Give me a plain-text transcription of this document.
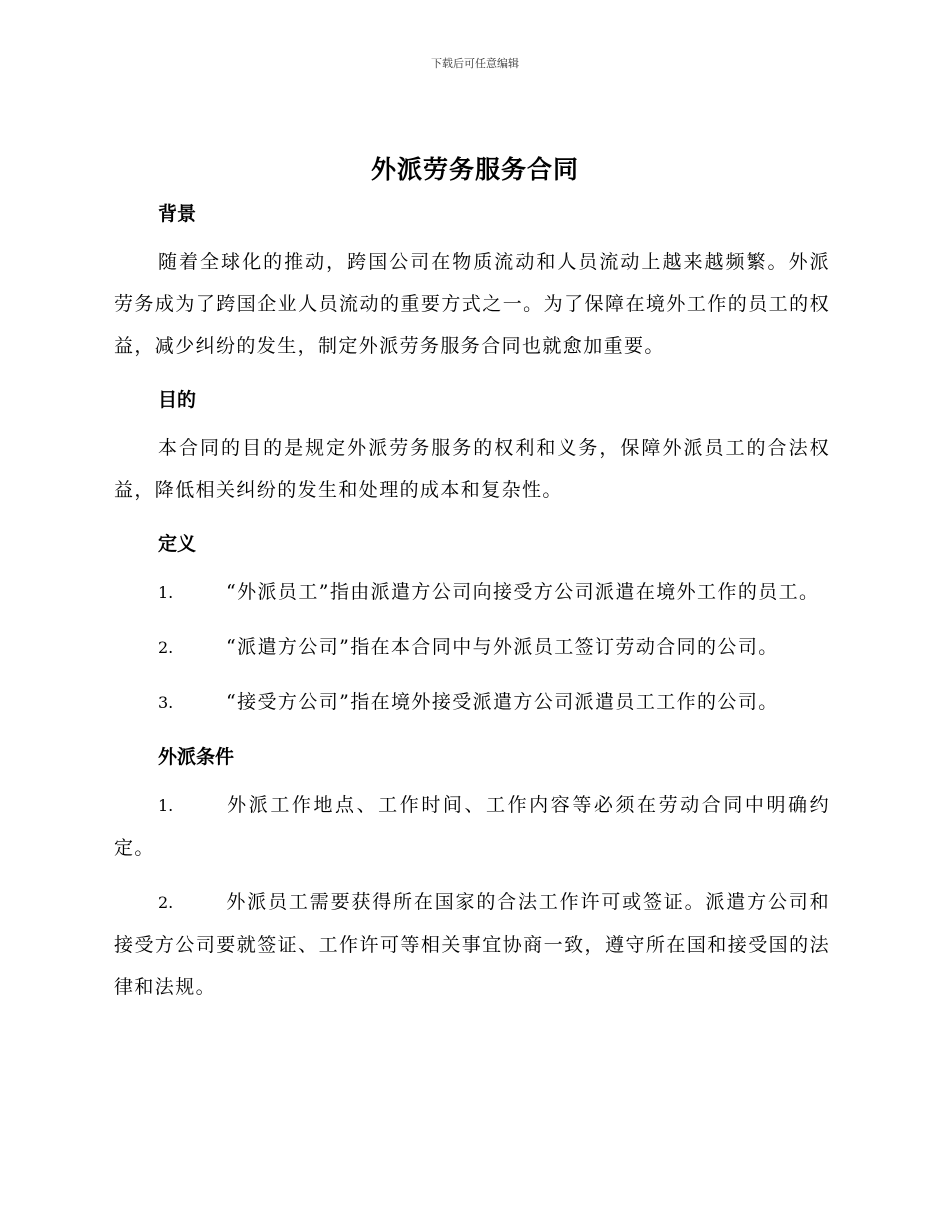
下载后可任意编辑
外派劳务服务合同

背景

随着全球化的推动，跨国公司在物质流动和人员流动上越来越频繁。外派劳务成为了跨国企业人员流动的重要方式之一。为了保障在境外工作的员工的权益，减少纠纷的发生，制定外派劳务服务合同也就愈加重要。

目的

本合同的目的是规定外派劳务服务的权利和义务，保障外派员工的合法权益，降低相关纠纷的发生和处理的成本和复杂性。

定义

1.	“外派员工”指由派遣方公司向接受方公司派遣在境外工作的员工。

2.	“派遣方公司”指在本合同中与外派员工签订劳动合同的公司。

3.	“接受方公司”指在境外接受派遣方公司派遣员工工作的公司。

外派条件

1.	外派工作地点、工作时间、工作内容等必须在劳动合同中明确约定。

2.	外派员工需要获得所在国家的合法工作许可或签证。派遣方公司和接受方公司要就签证、工作许可等相关事宜协商一致，遵守所在国和接受国的法律和法规。
